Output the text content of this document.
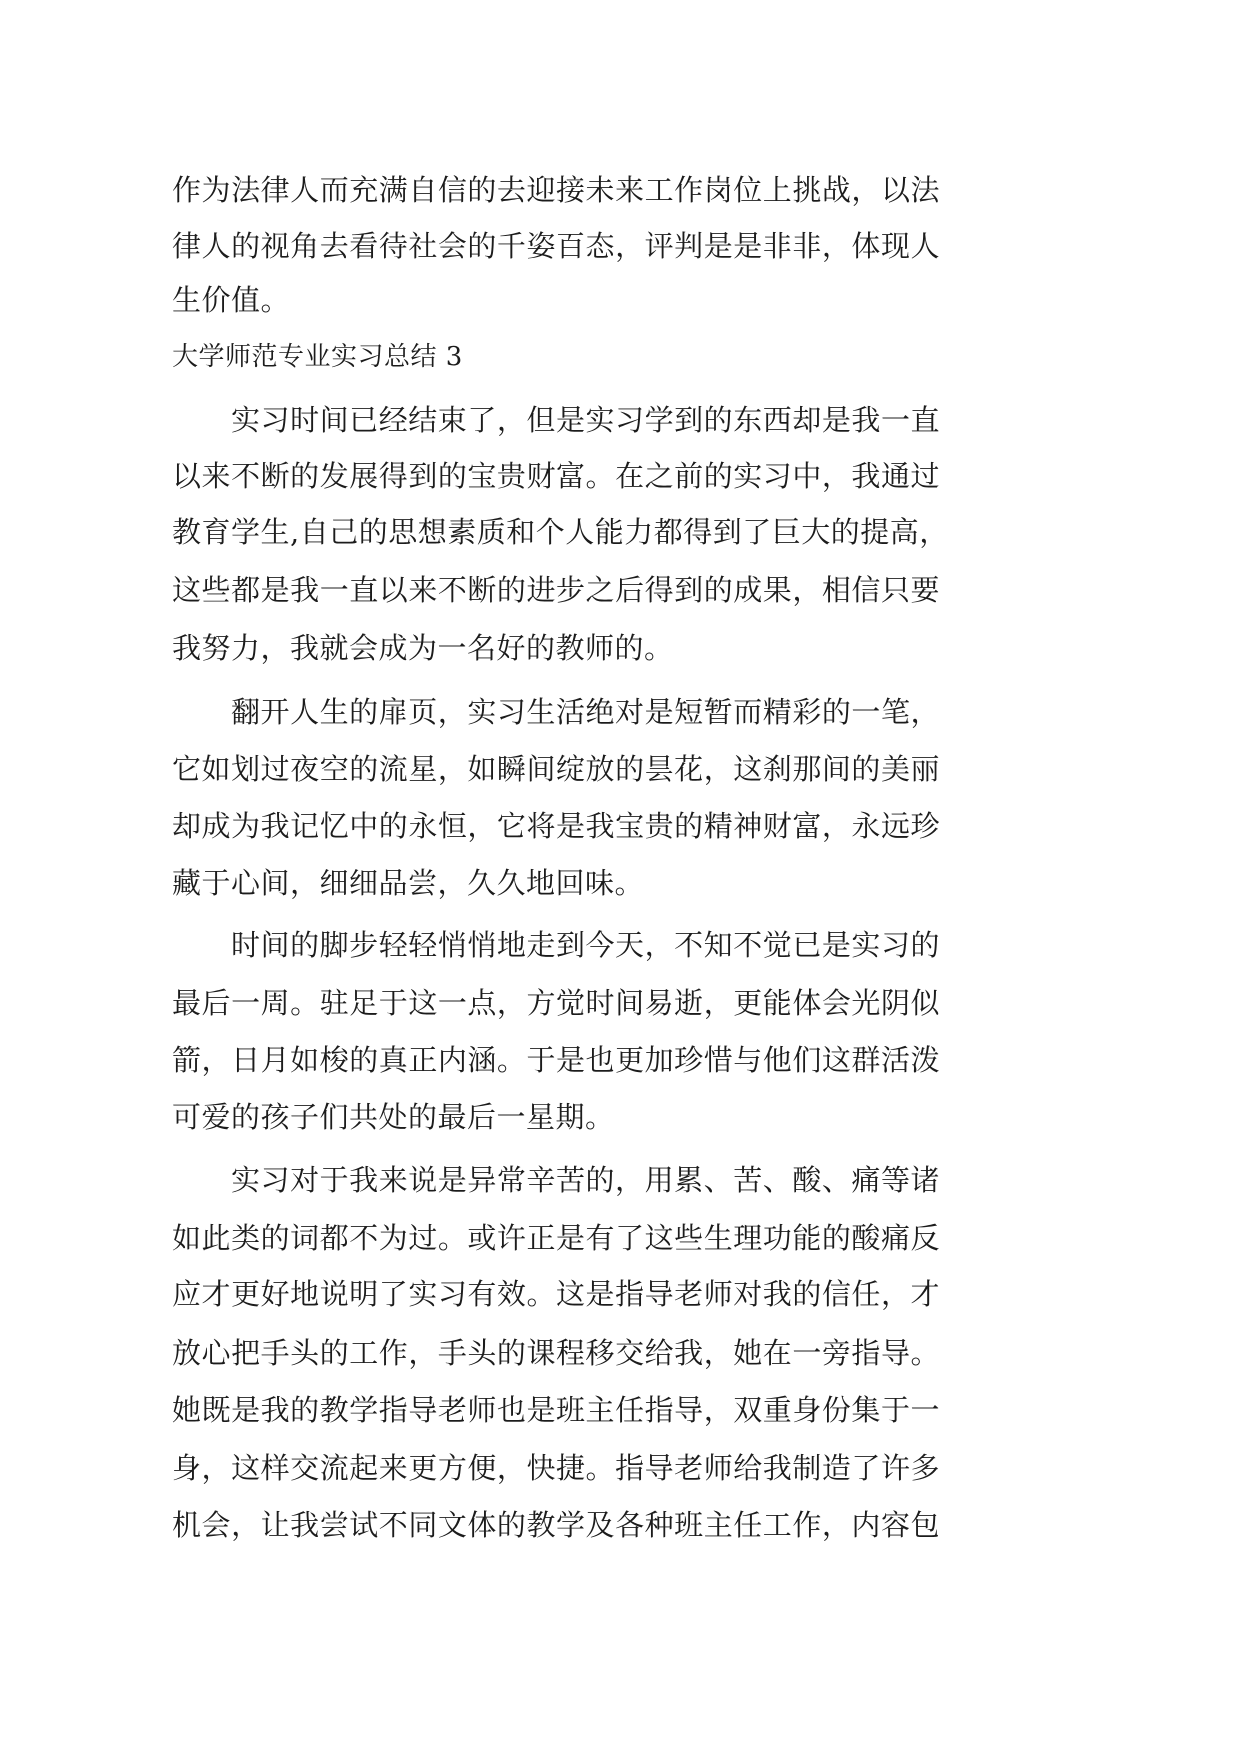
作为法律人而充满自信的去迎接未来工作岗位上挑战，以法
律人的视角去看待社会的千姿百态，评判是是非非，体现人
生价值。
大学师范专业实习总结 3
实习时间已经结束了，但是实习学到的东西却是我一直
以来不断的发展得到的宝贵财富。在之前的实习中，我通过
教育学生,自己的思想素质和个人能力都得到了巨大的提高，
这些都是我一直以来不断的进步之后得到的成果，相信只要
我努力，我就会成为一名好的教师的。
翻开人生的扉页，实习生活绝对是短暂而精彩的一笔，
它如划过夜空的流星，如瞬间绽放的昙花，这刹那间的美丽
却成为我记忆中的永恒，它将是我宝贵的精神财富，永远珍
藏于心间，细细品尝，久久地回味。
时间的脚步轻轻悄悄地走到今天，不知不觉已是实习的
最后一周。驻足于这一点，方觉时间易逝，更能体会光阴似
箭，日月如梭的真正内涵。于是也更加珍惜与他们这群活泼
可爱的孩子们共处的最后一星期。
实习对于我来说是异常辛苦的，用累、苦、酸、痛等诸
如此类的词都不为过。或许正是有了这些生理功能的酸痛反
应才更好地说明了实习有效。这是指导老师对我的信任，才
放心把手头的工作，手头的课程移交给我，她在一旁指导。
她既是我的教学指导老师也是班主任指导，双重身份集于一
身，这样交流起来更方便，快捷。指导老师给我制造了许多
机会，让我尝试不同文体的教学及各种班主任工作，内容包
